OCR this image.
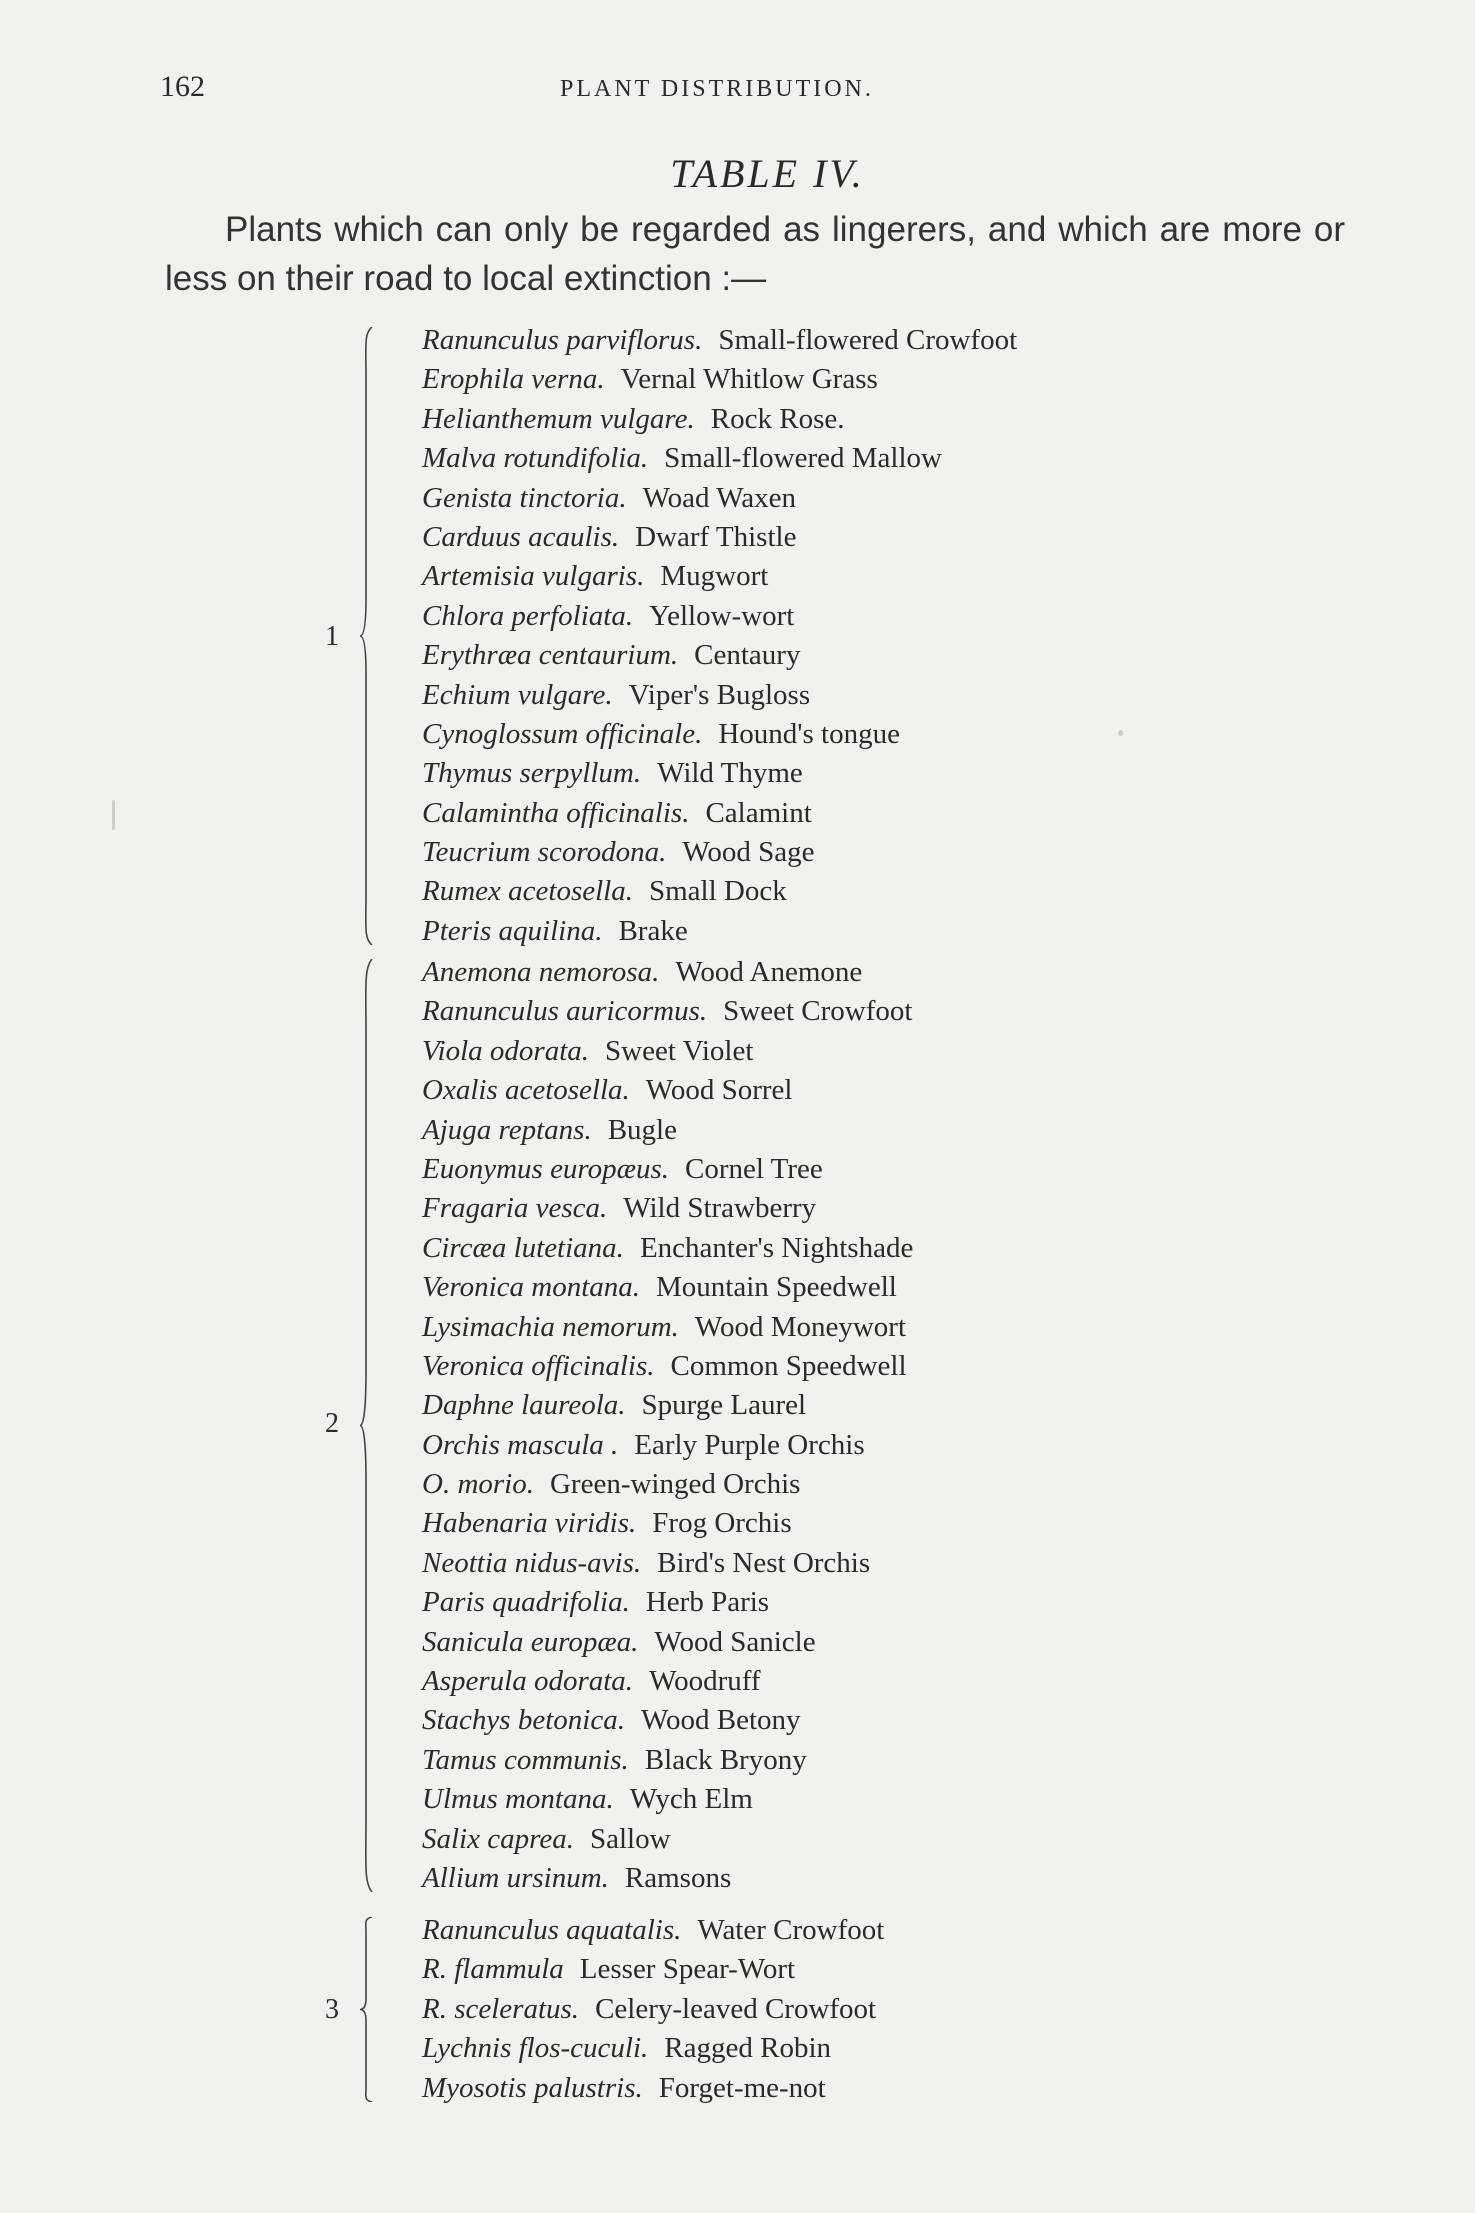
162	PLANT DISTRIBUTION.
TABLE IV.

Plants which can only be regarded as lingerers, and which are more or less on their road to local extinction :—

1
Ranunculus parviflorus. Small-flowered Crowfoot
Erophila verna. Vernal Whitlow Grass
Helianthemum vulgare. Rock Rose.
Malva rotundifolia. Small-flowered Mallow
Genista tinctoria. Woad Waxen
Carduus acaulis. Dwarf Thistle
Artemisia vulgaris. Mugwort
Chlora perfoliata. Yellow-wort
Erythræa centaurium. Centaury
Echium vulgare. Viper's Bugloss
Cynoglossum officinale. Hound's tongue
Thymus serpyllum. Wild Thyme
Calamintha officinalis. Calamint
Teucrium scorodona. Wood Sage
Rumex acetosella. Small Dock
Pteris aquilina. Brake
2
Anemona nemorosa. Wood Anemone
Ranunculus auricormus. Sweet Crowfoot
Viola odorata. Sweet Violet
Oxalis acetosella. Wood Sorrel
Ajuga reptans. Bugle
Euonymus europæus. Cornel Tree
Fragaria vesca. Wild Strawberry
Circæa lutetiana. Enchanter's Nightshade
Veronica montana. Mountain Speedwell
Lysimachia nemorum. Wood Moneywort
Veronica officinalis. Common Speedwell
Daphne laureola. Spurge Laurel
Orchis mascula . Early Purple Orchis
O. morio. Green-winged Orchis
Habenaria viridis. Frog Orchis
Neottia nidus-avis. Bird's Nest Orchis
Paris quadrifolia. Herb Paris
Sanicula europæa. Wood Sanicle
Asperula odorata. Woodruff
Stachys betonica. Wood Betony
Tamus communis. Black Bryony
Ulmus montana. Wych Elm
Salix caprea. Sallow
Allium ursinum. Ramsons
3
Ranunculus aquatalis. Water Crowfoot
R. flammula Lesser Spear-Wort
R. sceleratus. Celery-leaved Crowfoot
Lychnis flos-cuculi. Ragged Robin
Myosotis palustris. Forget-me-not
